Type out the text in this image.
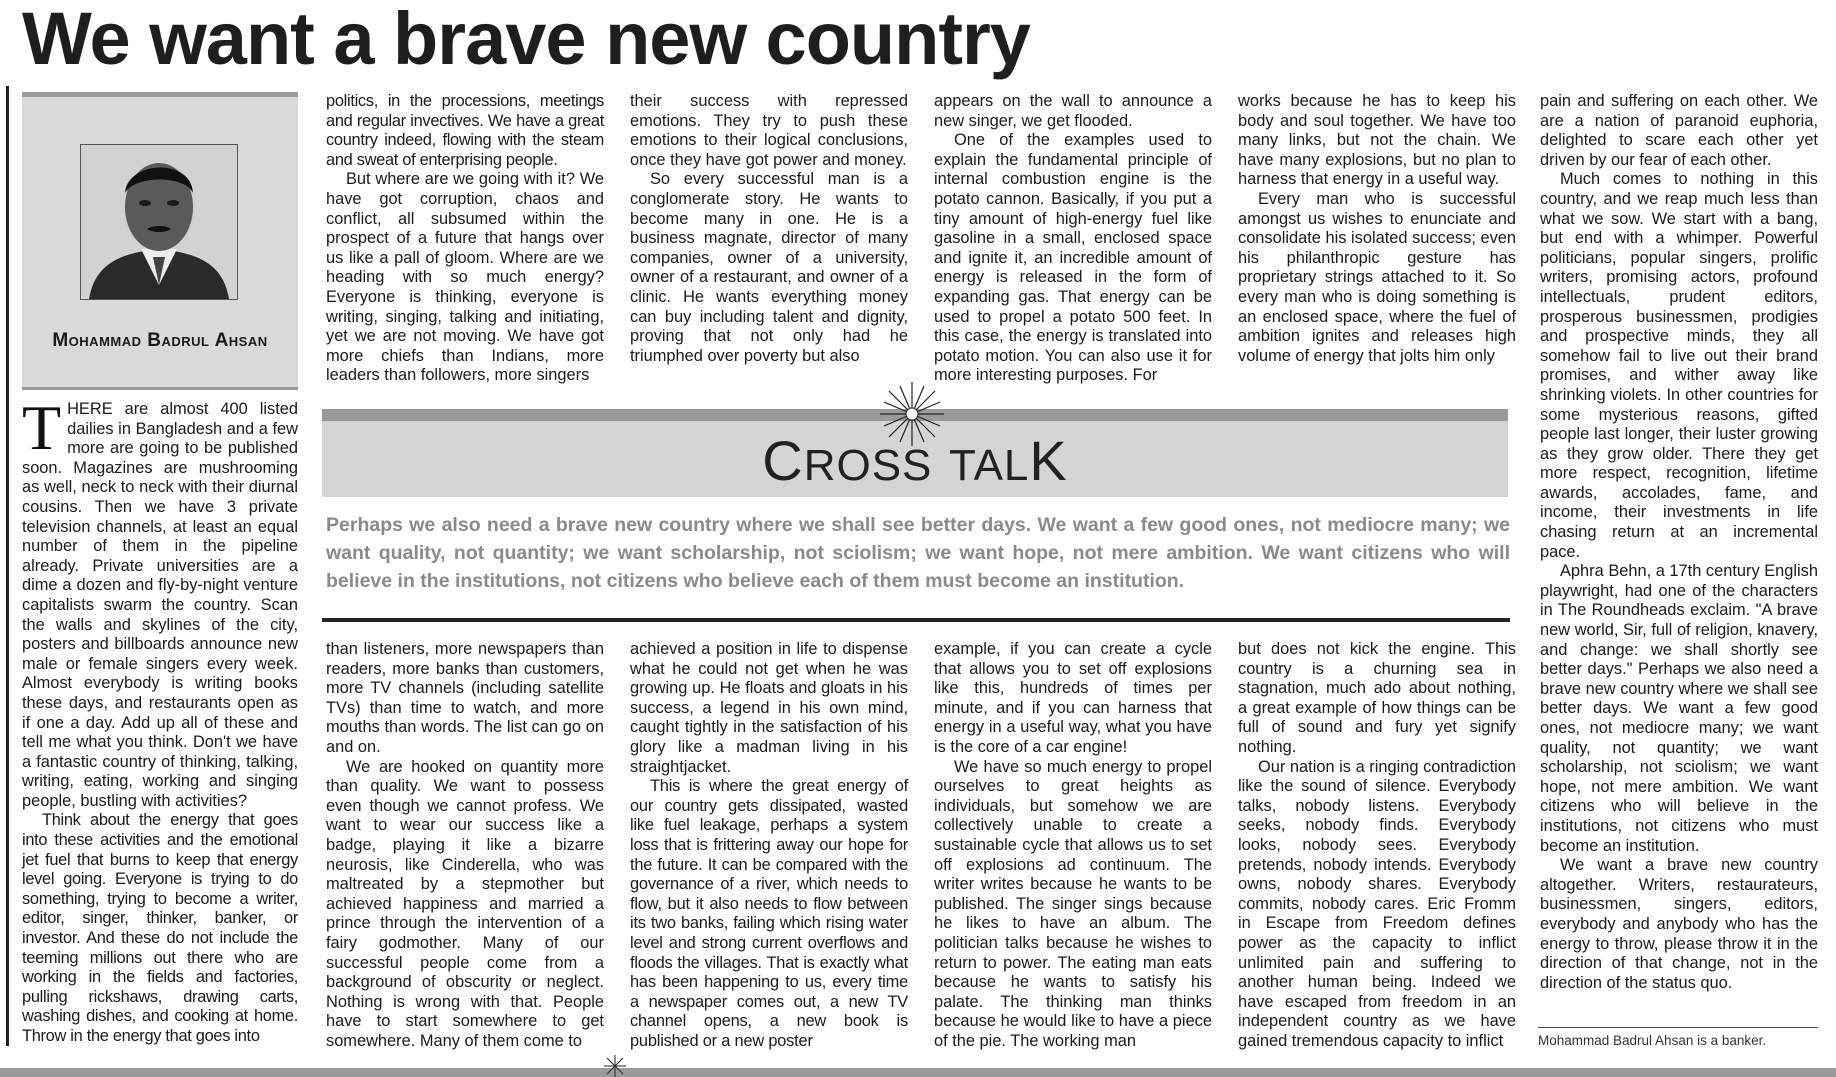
We want a brave new country
Mohammad Badrul Ahsan

THERE are almost 400 listed dailies in Bangladesh and a few more are going to be published soon. Magazines are mushrooming as well, neck to neck with their diurnal cousins. Then we have 3 private television channels, at least an equal number of them in the pipeline already. Private universities are a dime a dozen and fly-by-night venture capitalists swarm the country. Scan the walls and skylines of the city, posters and billboards announce new male or female singers every week. Almost everybody is writing books these days, and restaurants open as if one a day. Add up all of these and tell me what you think. Don't we have a fantastic country of thinking, talking, writing, eating, working and singing people, bustling with activities?

Think about the energy that goes into these activities and the emotional jet fuel that burns to keep that energy level going. Everyone is trying to do something, trying to become a writer, editor, singer, thinker, banker, or investor. And these do not include the teeming millions out there who are working in the fields and factories, pulling rickshaws, drawing carts, washing dishes, and cooking at home. Throw in the energy that goes into

politics, in the processions, meetings and regular invectives. We have a great country indeed, flowing with the steam and sweat of enterprising people.

But where are we going with it? We have got corruption, chaos and conflict, all subsumed within the prospect of a future that hangs over us like a pall of gloom. Where are we heading with so much energy? Everyone is thinking, everyone is writing, singing, talking and initiating, yet we are not moving. We have got more chiefs than Indians, more leaders than followers, more singers

their success with repressed emotions. They try to push these emotions to their logical conclusions, once they have got power and money.

So every successful man is a conglomerate story. He wants to become many in one. He is a business magnate, director of many companies, owner of a university, owner of a restaurant, and owner of a clinic. He wants everything money can buy including talent and dignity, proving that not only had he triumphed over poverty but also

appears on the wall to announce a new singer, we get flooded.

One of the examples used to explain the fundamental principle of internal combustion engine is the potato cannon. Basically, if you put a tiny amount of high-energy fuel like gasoline in a small, enclosed space and ignite it, an incredible amount of energy is released in the form of expanding gas. That energy can be used to propel a potato 500 feet. In this case, the energy is translated into potato motion. You can also use it for more interesting purposes. For

works because he has to keep his body and soul together. We have too many links, but not the chain. We have many explosions, but no plan to harness that energy in a useful way.

Every man who is successful amongst us wishes to enunciate and consolidate his isolated success; even his philanthropic gesture has proprietary strings attached to it. So every man who is doing something is an enclosed space, where the fuel of ambition ignites and releases high volume of energy that jolts him only

CROSS TALK
Perhaps we also need a brave new country where we shall see better days. We want a few good ones, not mediocre many; we want quality, not quantity; we want scholarship, not sciolism; we want hope, not mere ambition. We want citizens who will believe in the institutions, not citizens who believe each of them must become an institution.

than listeners, more newspapers than readers, more banks than customers, more TV channels (including satellite TVs) than time to watch, and more mouths than words. The list can go on and on.

We are hooked on quantity more than quality. We want to possess even though we cannot profess. We want to wear our success like a badge, playing it like a bizarre neurosis, like Cinderella, who was maltreated by a stepmother but achieved happiness and married a prince through the intervention of a fairy godmother. Many of our successful people come from a background of obscurity or neglect. Nothing is wrong with that. People have to start somewhere to get somewhere. Many of them come to

achieved a position in life to dispense what he could not get when he was growing up. He floats and gloats in his success, a legend in his own mind, caught tightly in the satisfaction of his glory like a madman living in his straightjacket.

This is where the great energy of our country gets dissipated, wasted like fuel leakage, perhaps a system loss that is frittering away our hope for the future. It can be compared with the governance of a river, which needs to flow, but it also needs to flow between its two banks, failing which rising water level and strong current overflows and floods the villages. That is exactly what has been happening to us, every time a newspaper comes out, a new TV channel opens, a new book is published or a new poster

example, if you can create a cycle that allows you to set off explosions like this, hundreds of times per minute, and if you can harness that energy in a useful way, what you have is the core of a car engine!

We have so much energy to propel ourselves to great heights as individuals, but somehow we are collectively unable to create a sustainable cycle that allows us to set off explosions ad continuum. The writer writes because he wants to be published. The singer sings because he likes to have an album. The politician talks because he wishes to return to power. The eating man eats because he wants to satisfy his palate. The thinking man thinks because he would like to have a piece of the pie. The working man

but does not kick the engine. This country is a churning sea in stagnation, much ado about nothing, a great example of how things can be full of sound and fury yet signify nothing.

Our nation is a ringing contradiction like the sound of silence. Everybody talks, nobody listens. Everybody seeks, nobody finds. Everybody looks, nobody sees. Everybody pretends, nobody intends. Everybody owns, nobody shares. Everybody commits, nobody cares. Eric Fromm in Escape from Freedom defines power as the capacity to inflict unlimited pain and suffering to another human being. Indeed we have escaped from freedom in an independent country as we have gained tremendous capacity to inflict

pain and suffering on each other. We are a nation of paranoid euphoria, delighted to scare each other yet driven by our fear of each other.

Much comes to nothing in this country, and we reap much less than what we sow. We start with a bang, but end with a whimper. Powerful politicians, popular singers, prolific writers, promising actors, profound intellectuals, prudent editors, prosperous businessmen, prodigies and prospective minds, they all somehow fail to live out their brand promises, and wither away like shrinking violets. In other countries for some mysterious reasons, gifted people last longer, their luster growing as they grow older. There they get more respect, recognition, lifetime awards, accolades, fame, and income, their investments in life chasing return at an incremental pace.

Aphra Behn, a 17th century English playwright, had one of the characters in The Roundheads exclaim. "A brave new world, Sir, full of religion, knavery, and change: we shall shortly see better days." Perhaps we also need a brave new country where we shall see better days. We want a few good ones, not mediocre many; we want quality, not quantity; we want scholarship, not sciolism; we want hope, not mere ambition. We want citizens who will believe in the institutions, not citizens who must become an institution.

We want a brave new country altogether. Writers, restaurateurs, businessmen, singers, editors, everybody and anybody who has the energy to throw, please throw it in the direction of that change, not in the direction of the status quo.

Mohammad Badrul Ahsan is a banker.
